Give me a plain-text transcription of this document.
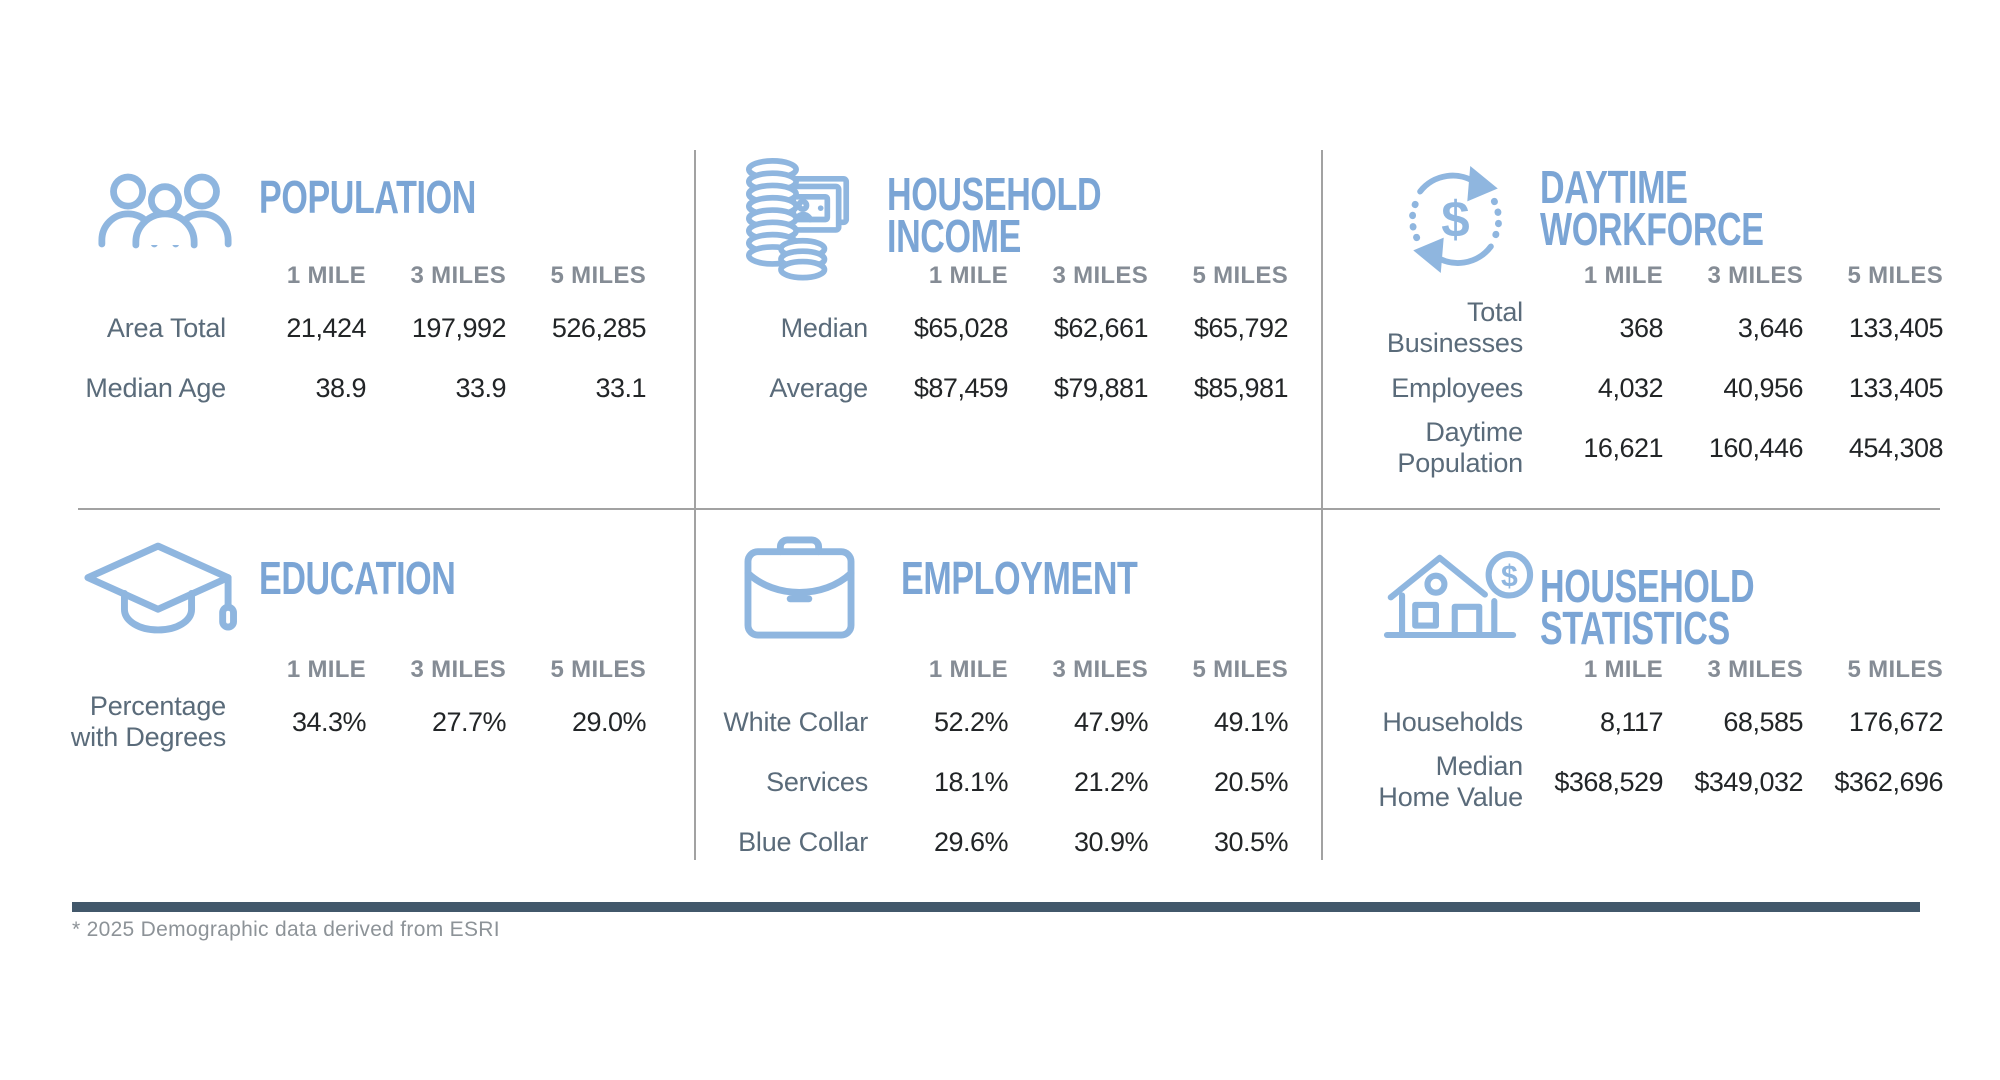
POPULATION
1 MILE	3 MILES	5 MILES
Area Total	21,424	197,992	526,285
Median Age	38.9	33.9	33.1
HOUSEHOLD
INCOME
1 MILE	3 MILES	5 MILES
Median	$65,028	$62,661	$65,792
Average	$87,459	$79,881	$85,981
$
DAYTIME
WORKFORCE
1 MILE	3 MILES	5 MILES
Total
Businesses
368	3,646	133,405
Employees	4,032	40,956	133,405
Daytime
Population
16,621	160,446	454,308
EDUCATION
1 MILE	3 MILES	5 MILES
Percentage
with Degrees
34.3%	27.7%	29.0%
EMPLOYMENT
1 MILE	3 MILES	5 MILES
White Collar	52.2%	47.9%	49.1%
Services	18.1%	21.2%	20.5%
Blue Collar	29.6%	30.9%	30.5%
$ HOUSEHOLD
STATISTICS
1 MILE	3 MILES	5 MILES
Households	8,117	68,585	176,672
Median
Home Value
$368,529	$349,032	$362,696
* 2025 Demographic data derived from ESRI
